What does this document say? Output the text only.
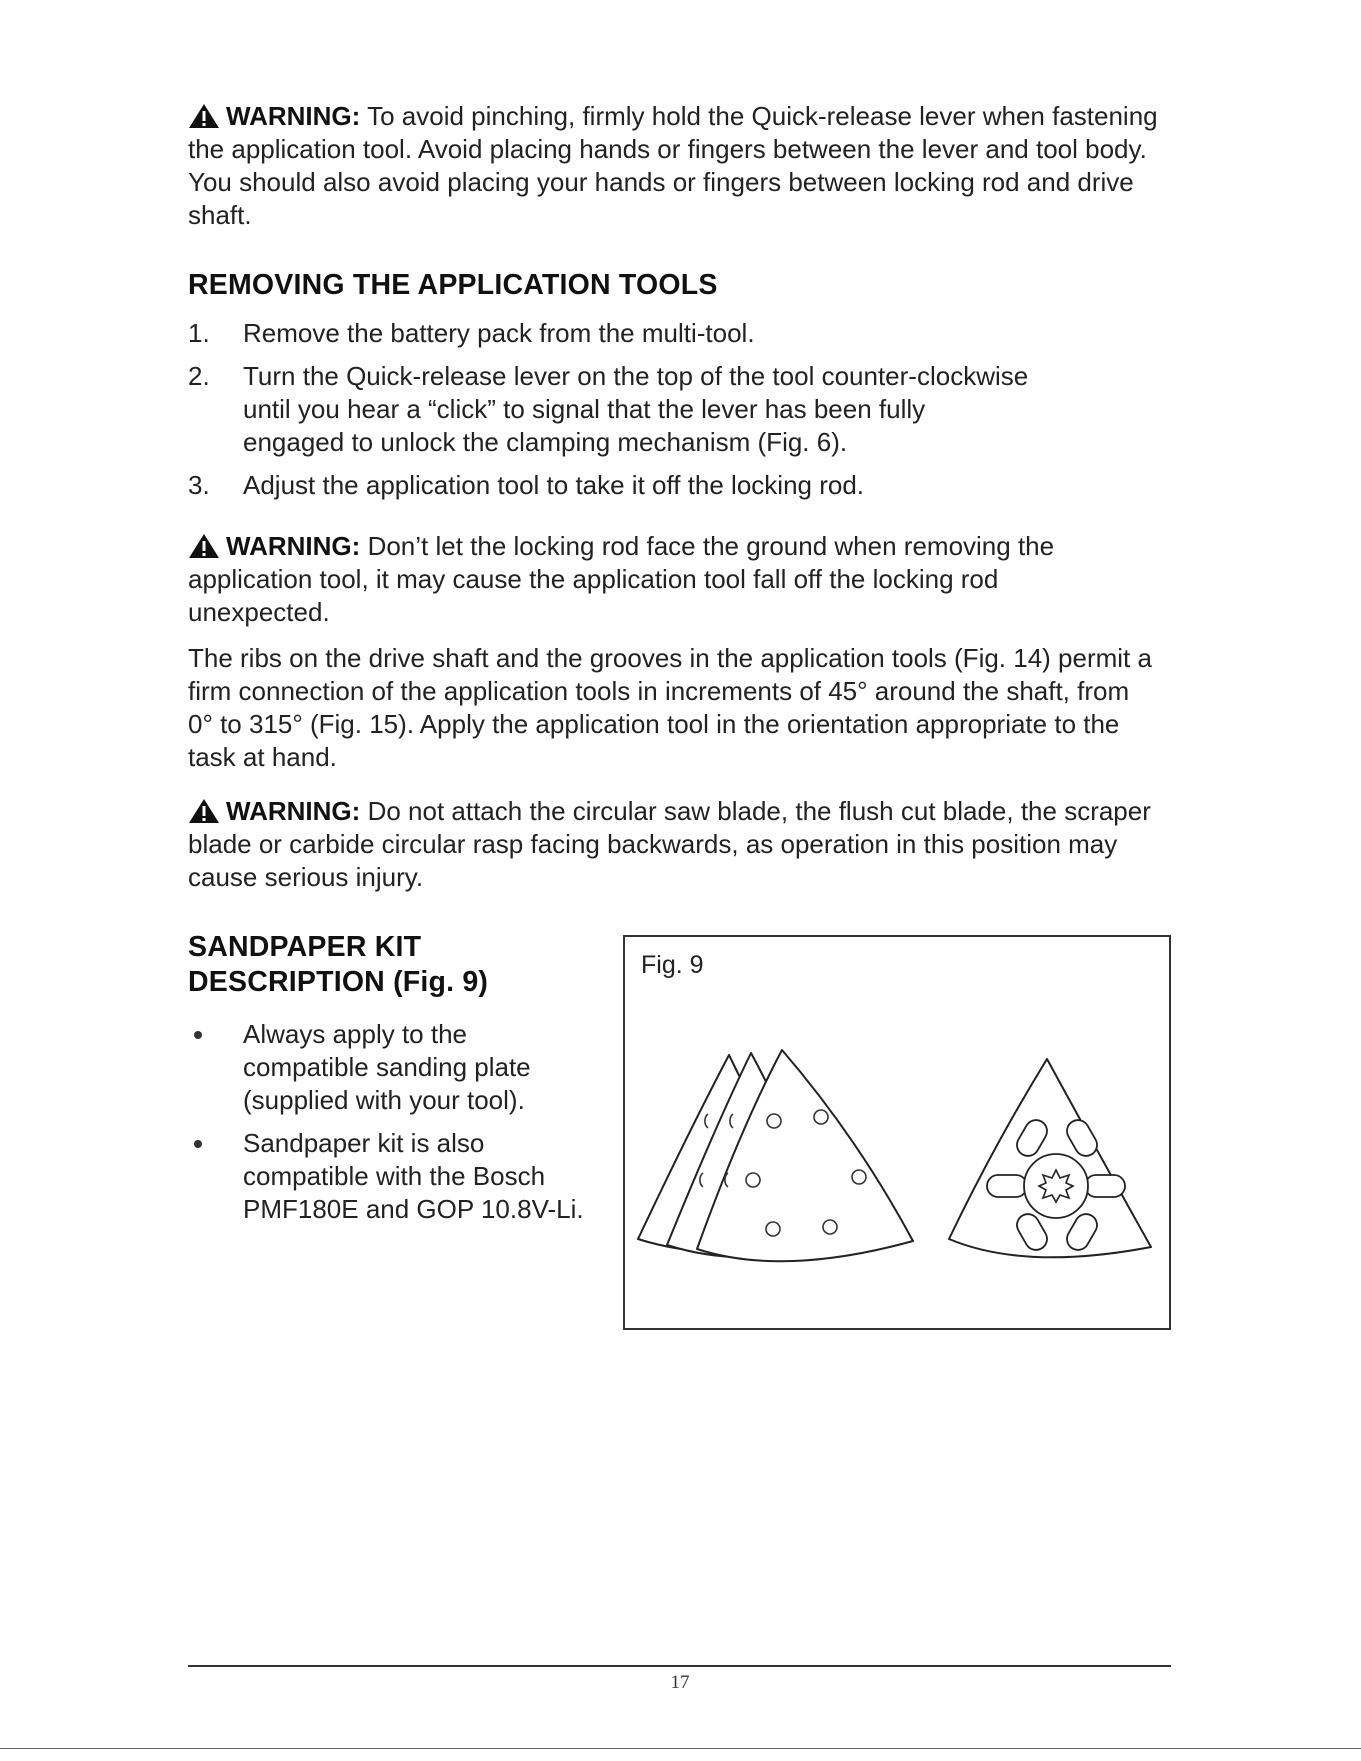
WARNING: To avoid pinching, firmly hold the Quick-release lever when fastening the application tool. Avoid placing hands or fingers between the lever and tool body. You should also avoid placing your hands or fingers between locking rod and drive shaft.

REMOVING THE APPLICATION TOOLS
1. Remove the battery pack from the multi-tool.
2. Turn the Quick-release lever on the top of the tool counter-clockwise until you hear a “click” to signal that the lever has been fully engaged to unlock the clamping mechanism (Fig. 6).
3. Adjust the application tool to take it off the locking rod.

WARNING: Don’t let the locking rod face the ground when removing the application tool, it may cause the application tool fall off the locking rod unexpected.

The ribs on the drive shaft and the grooves in the application tools (Fig. 14) permit a firm connection of the application tools in increments of 45° around the shaft, from 0° to 315° (Fig. 15). Apply the application tool in the orientation appropriate to the task at hand.

WARNING: Do not attach the circular saw blade, the flush cut blade, the scraper blade or carbide circular rasp facing backwards, as operation in this position may cause serious injury.

SANDPAPER KIT
DESCRIPTION (Fig. 9)
Always apply to the compatible sanding plate (supplied with your tool).
Sandpaper kit is also compatible with the Bosch PMF180E and GOP 10.8V-Li.
Fig. 9
17
